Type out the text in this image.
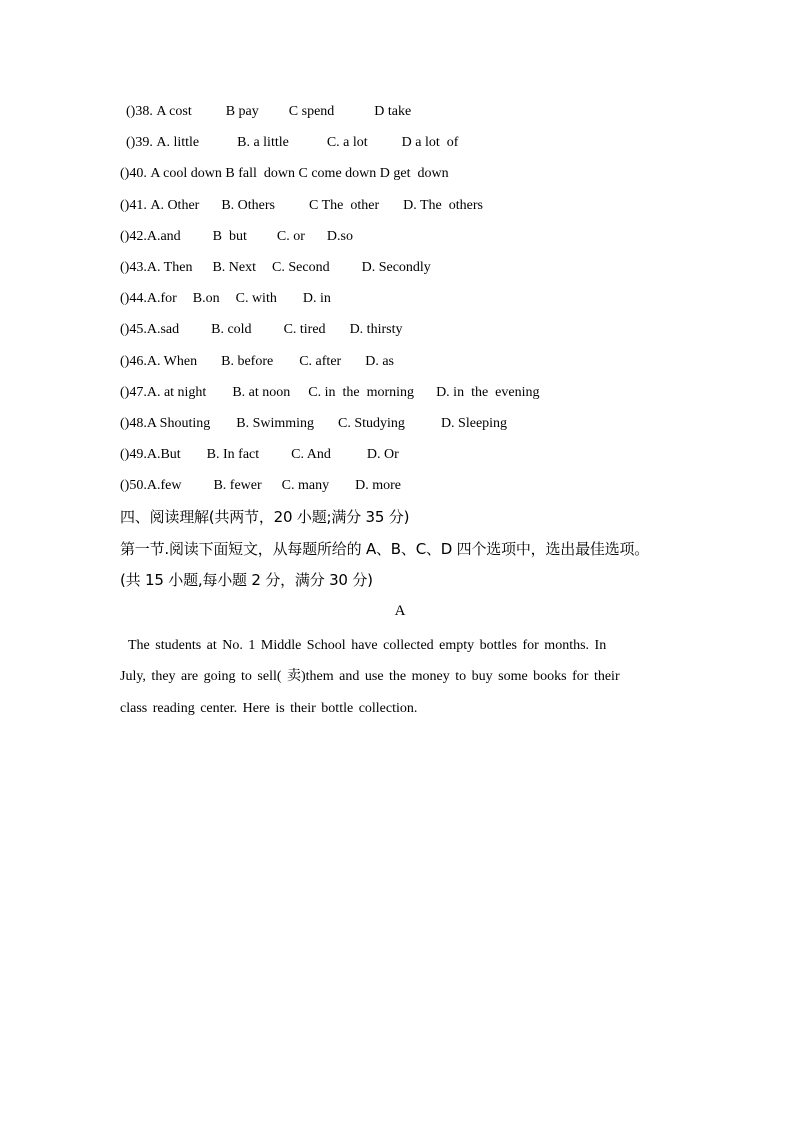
()38. A cost B pay C spend	D take
()39. A. little	B. a little	C. a lot D a lot  of
()40. A cool down B fall  down C come down D get  down
()41. A. Other B. Others C The  other D. The  others
()42.A.and B  but C. or D.so
()43.A. Then B. Next C. Second D. Secondly
()44.A.for B.on C. with D. in
()45.A.sad B. cold C. tired D. thirsty
()46.A. When B. before C. after D. as
()47.A. at night B. at noon C. in  the  morning D. in  the  evening
()48.A Shouting B. Swimming C. Studying	D. Sleeping
()49.A.But B. In fact C. And	D. Or
()50.A.few B. fewer C. many D. more
四、阅读理解(共两节，20 小题;满分 35 分)
第一节.阅读下面短文，从每题所给的 A、B、C、D 四个选项中，选出最佳选项。
(共 15 小题,每小题 2 分，满分 30 分)
A
The students at No. 1 Middle School have collected empty bottles for months. In
July, they are going to sell( 卖)them and use the money to buy some books for their
class reading center. Here is their bottle collection.
